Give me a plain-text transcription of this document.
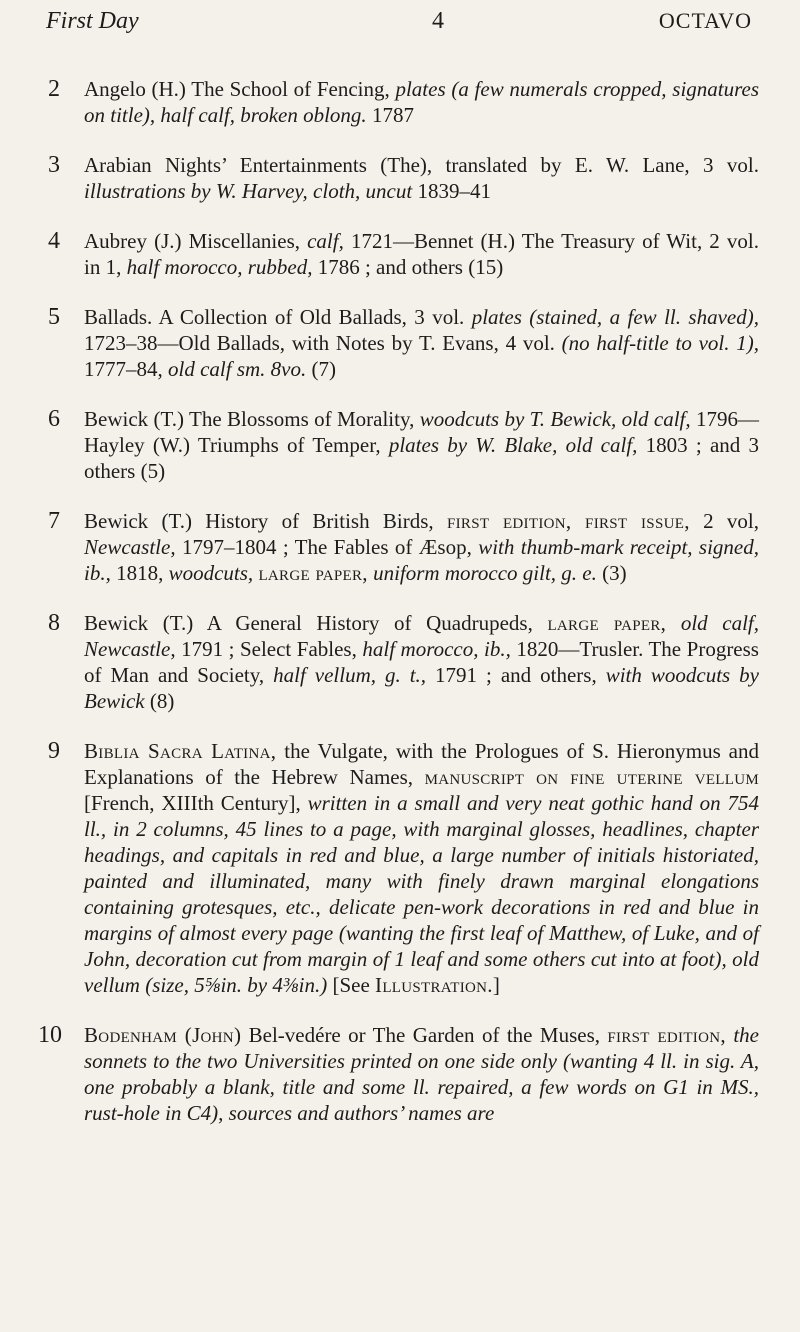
First Day	4	OCTAVO
2 Angelo (H.) The School of Fencing, plates (a few numerals cropped, signatures on title), half calf, broken oblong. 1787
3 Arabian Nights’ Entertainments (The), translated by E. W. Lane, 3 vol. illustrations by W. Harvey, cloth, uncut 1839–41
4 Aubrey (J.) Miscellanies, calf, 1721—Bennet (H.) The Treasury of Wit, 2 vol. in 1, half morocco, rubbed, 1786 ; and others (15)
5 Ballads. A Collection of Old Ballads, 3 vol. plates (stained, a few ll. shaved), 1723–38—Old Ballads, with Notes by T. Evans, 4 vol. (no half-title to vol. 1), 1777–84, old calf sm. 8vo. (7)
6 Bewick (T.) The Blossoms of Morality, woodcuts by T. Bewick, old calf, 1796—Hayley (W.) Triumphs of Temper, plates by W. Blake, old calf, 1803 ; and 3 others (5)
7 Bewick (T.) History of British Birds, first edition, first issue, 2 vol, Newcastle, 1797–1804 ; The Fables of Æsop, with thumb-mark receipt, signed, ib., 1818, woodcuts, large paper, uniform morocco gilt, g. e. (3)
8 Bewick (T.) A General History of Quadrupeds, large paper, old calf, Newcastle, 1791 ; Select Fables, half morocco, ib., 1820—Trusler. The Progress of Man and Society, half vellum, g. t., 1791 ; and others, with woodcuts by Bewick (8)
9 Biblia Sacra Latina, the Vulgate, with the Prologues of S. Hieronymus and Explanations of the Hebrew Names, manuscript on fine uterine vellum [French, XIIIth Century], written in a small and very neat gothic hand on 754 ll., in 2 columns, 45 lines to a page, with marginal glosses, headlines, chapter headings, and capitals in red and blue, a large number of initials historiated, painted and illuminated, many with finely drawn marginal elongations containing grotesques, etc., delicate pen-work decorations in red and blue in margins of almost every page (wanting the first leaf of Matthew, of Luke, and of John, decoration cut from margin of 1 leaf and some others cut into at foot), old vellum (size, 5⅝in. by 4⅜in.) [See Illustration.]
10 Bodenham (John) Bel-vedére or The Garden of the Muses, first edition, the sonnets to the two Universities printed on one side only (wanting 4 ll. in sig. A, one probably a blank, title and some ll. repaired, a few words on G1 in MS., rust-hole in C4), sources and authors’ names are
